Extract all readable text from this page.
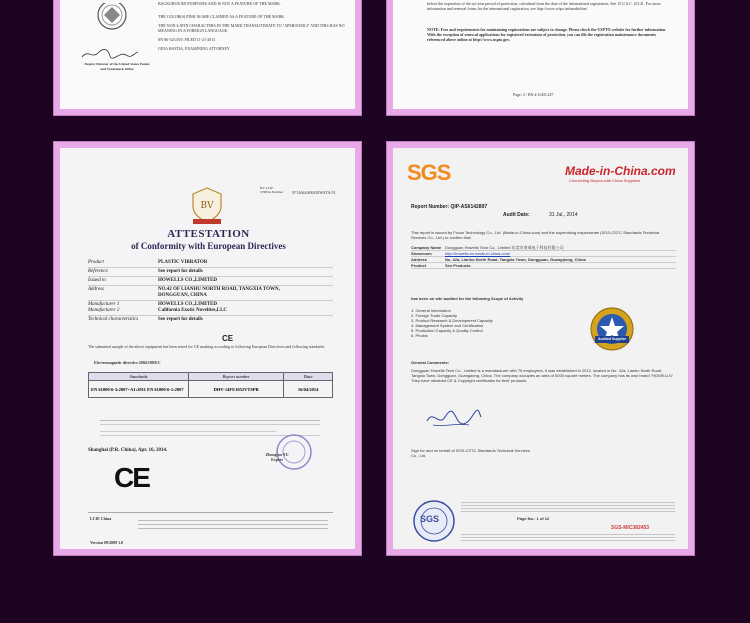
BACKGROUND PURPOSES AND IS NOT A FEATURE OF THE MARK.
THE COLOR(S) PINK IS/ARE CLAIMED AS A FEATURE OF THE MARK.
THE NON-LATIN CHARACTERS IN THE MARK TRANSLITERATE TO "APEROOM14" AND THIS HAS NO MEANING IN A FOREIGN LANGUAGE.
SN 86-525,819, FILED 11-21-2013
GINA HAYDA, EXAMINING ATTORNEY
Deputy Director of the United States Patent and Trademark Office
before the expiration of the six-year period of protection, calculated from the date of the international registration. See 15 U.S.C. §1141. For more information and renewal forms for the international registration, see http://www.wipo.int/madrid/en/.
NOTE: Fees and requirements for maintaining registrations are subject to change. Please check the USPTO website for further information. With the exception of renewal applications for registered extensions of protection, you can file the registration maintenance documents referenced above online at http://www.uspto.gov.
Page: 2 / RN # 4,605,247
BV LCIE CHINA Number N°14644A00430WSTA/31
BV
ATTESTATION
of Conformity with European Directives
Product	PLASTIC VIBRATOR
Reference	See report for details
Issued to	HOWELLS CO.,LIMITED
Address	NO.42 OF LIANHU NORTH ROAD, TANGXIA TOWN, DONGGUAN, CHINA
Manufacturer 1	HOWELLS CO.,LIMITED
Manufacturer 2	California Exotic Novelties,LLC
Technical characteristics	See report for details
CE
The submitted sample of the above equipment has been tested for CE marking according to following European Directives and following standards:
Electromagnetic directive 2004/108/EC
Standards	Report number	Date
EN 61000-6-3:2007+A1:2011 EN 61000-6-1:2007	DHV-14FE1052VTSPB	16/04/2014
Shanghai (P.R. China), Apr. 16, 2014.
Zhong'an YU Expert
CE
LCIE China
Version 09/2009 1.0
SGS	Made-in-China.com
Connecting Buyers with China Suppliers
Report Number: QIP-ASI/142897
Audit Date:	31 Jul., 2014
This report is issued by Focus Technology Co., Ltd. (Made-in-China.com) and the supervising inspectorate (SGS-CSTC Standards Technical Services Co., Ltd.) to confirm that:
Company Name Dongguan Howells Tech Co., Limited 东莞市豪威电子科技有限公司
Showroom	http://howells.en.made-in-china.com/
Address	No. 42a, Lianhu North Road, Tangxia Town, Dongguan, Guangdong, China
Product	Sex Products
has been on site audited for the following Scope of Activity
1. General Information
2. Foreign Trade Capacity
3. Product Research & Development Capacity
4. Management System and Certification
5. Production Capacity & Quality Control
6. Photos
Audited Supplier
General Comments:
Dongguan Howells Tech Co., Limited is a manufacturer with 75 employees, it was established in 2012, located in No. 42a, Lianhu North Road, Tangxia Town, Dongguan, Guangdong, China. The company occupies an area of 5000 square meters. The company has its own brand "HOWELLS". They have obtained CE & Copyright certificates for their products.
Sign for and on behalf of SGS-CSTC Standards Technical Services Co., Ltd.
SGS	Page No.: 1 of 12
SGS-MIC382453
